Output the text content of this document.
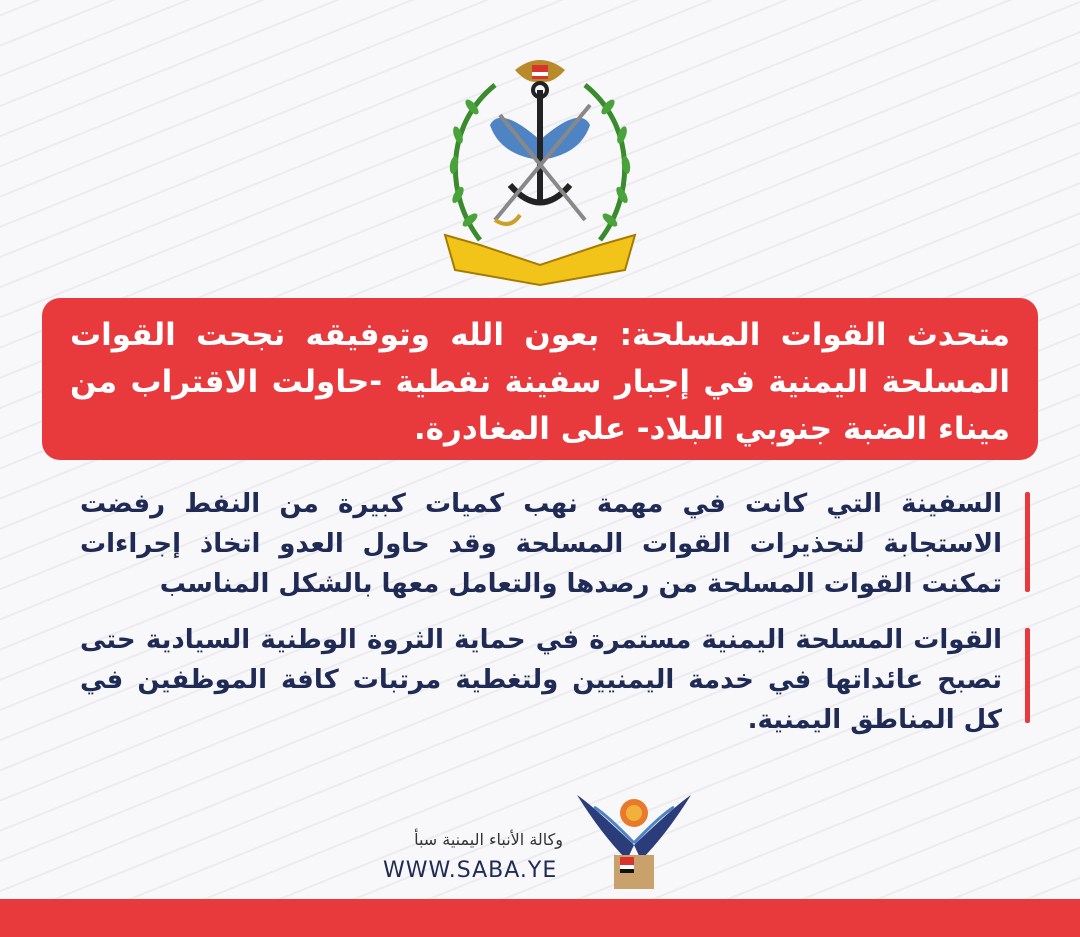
متحدث القوات المسلحة: بعون الله وتوفيقه نجحت القوات المسلحة اليمنية في إجبار سفينة نفطية -حاولت الاقتراب من ميناء الضبة جنوبي البلاد- على المغادرة.
السفينة التي كانت في مهمة نهب كميات كبيرة من النفط رفضت الاستجابة لتحذيرات القوات المسلحة وقد حاول العدو اتخاذ إجراءات تمكنت القوات المسلحة من رصدها والتعامل معها بالشكل المناسب
القوات المسلحة اليمنية مستمرة في حماية الثروة الوطنية السيادية حتى تصبح عائداتها في خدمة اليمنيين ولتغطية مرتبات كافة الموظفين في كل المناطق اليمنية.
وكالة الأنباء اليمنية سبأ
WWW.SABA.YE
